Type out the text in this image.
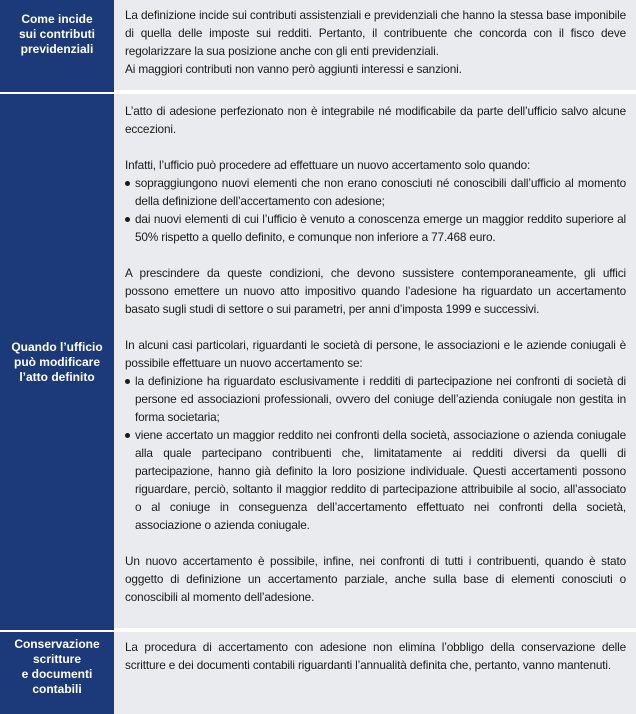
Come incide
sui contributi
previdenziali

La definizione incide sui contributi assistenziali e previdenziali che hanno la stessa base imponibile di quella delle imposte sui redditi. Pertanto, il contribuente che concorda con il fisco deve regolarizzare la sua posizione anche con gli enti previdenziali.

Ai maggiori contributi non vanno però aggiunti interessi e sanzioni.

Quando l’ufficio
può modificare
l’atto definito

L’atto di adesione perfezionato non è integrabile né modificabile da parte dell’ufficio salvo alcune eccezioni.

Infatti, l’ufficio può procedere ad effettuare un nuovo accertamento solo quando:

sopraggiungono nuovi elementi che non erano conosciuti né conoscibili dall’ufficio al momento della definizione dell’accertamento con adesione;
dai nuovi elementi di cui l’ufficio è venuto a conoscenza emerge un maggior reddito superiore al 50% rispetto a quello definito, e comunque non inferiore a 77.468 euro.

A prescindere da queste condizioni, che devono sussistere contemporaneamente, gli uffici possono emettere un nuovo atto impositivo quando l’adesione ha riguardato un accertamento basato sugli studi di settore o sui parametri, per anni d’imposta 1999 e successivi.

In alcuni casi particolari, riguardanti le società di persone, le associazioni e le aziende coniugali è possibile effettuare un nuovo accertamento se:

la definizione ha riguardato esclusivamente i redditi di partecipazione nei confronti di società di persone ed associazioni professionali, ovvero del coniuge dell’azienda coniugale non gestita in forma societaria;
viene accertato un maggior reddito nei confronti della società, associazione o azienda coniugale alla quale partecipano contribuenti che, limitatamente ai redditi diversi da quelli di partecipazione, hanno già definito la loro posizione individuale. Questi accertamenti possono riguardare, perciò, soltanto il maggior reddito di partecipazione attribuibile al socio, all’associato o al coniuge in conseguenza dell’accertamento effettuato nei confronti della società, associazione o azienda coniugale.

Un nuovo accertamento è possibile, infine, nei confronti di tutti i contribuenti, quando è stato oggetto di definizione un accertamento parziale, anche sulla base di elementi conosciuti o conoscibili al momento dell’adesione.

Conservazione
scritture
e documenti
contabili

La procedura di accertamento con adesione non elimina l’obbligo della conservazione delle scritture e dei documenti contabili riguardanti l’annualità definita che, pertanto, vanno mantenuti.
